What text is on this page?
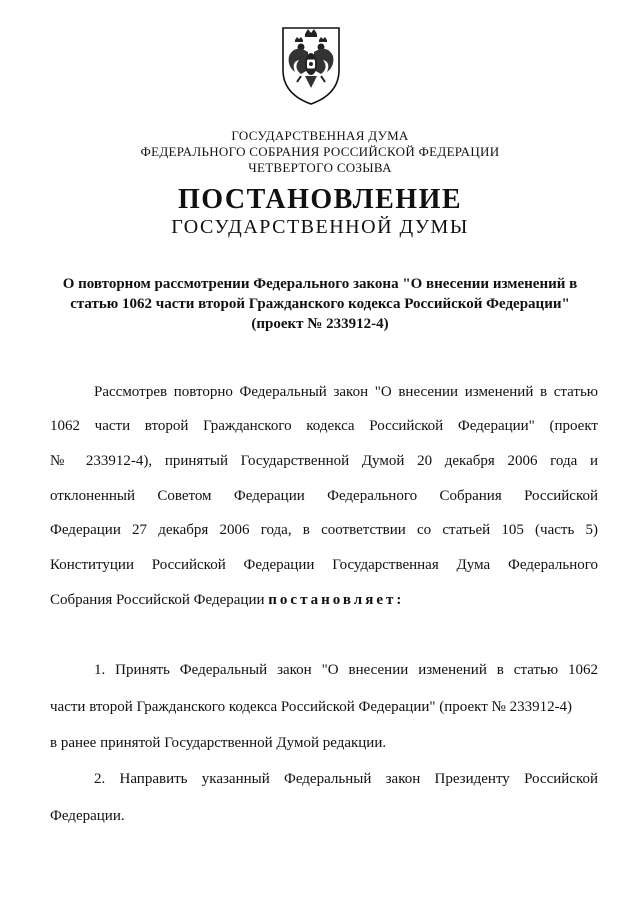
ГОСУДАРСТВЕННАЯ ДУМА
ФЕДЕРАЛЬНОГО СОБРАНИЯ РОССИЙСКОЙ ФЕДЕРАЦИИ
ЧЕТВЕРТОГО СОЗЫВА
ПОСТАНОВЛЕНИЕ
ГОСУДАРСТВЕННОЙ ДУМЫ
О повторном рассмотрении Федерального закона "О внесении изменений в
статью 1062 части второй Гражданского кодекса Российской Федерации"
(проект № 233912-4)
Рассмотрев повторно Федеральный закон "О внесении изменений в статью
1062 части второй Гражданского кодекса Российской Федерации" (проект
№ 233912-4), принятый Государственной Думой 20 декабря 2006 года и
отклоненный Советом Федерации Федерального Собрания Российской
Федерации 27 декабря 2006 года, в соответствии со статьей 105 (часть 5)
Конституции Российской Федерации Государственная Дума Федерального
Собрания Российской Федерации постановляет:
1. Принять Федеральный закон "О внесении изменений в статью 1062
части второй Гражданского кодекса Российской Федерации" (проект № 233912-4)
в ранее принятой Государственной Думой редакции.
2. Направить указанный Федеральный закон Президенту Российской
Федерации.
